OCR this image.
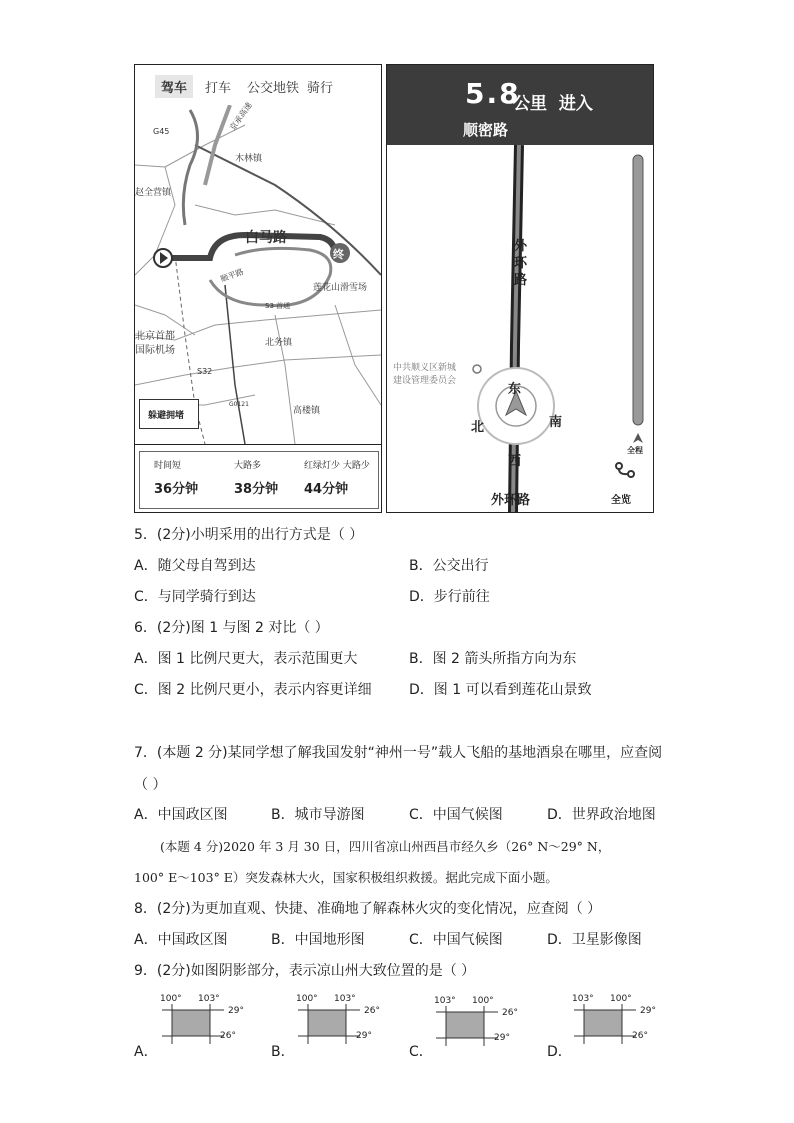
驾车	打车 公交地铁 骑行
G45	京承高速
木林镇
赵全营镇
白马路
终
顺平路
莲花山滑雪场
S3 首通
北京首都
国际机场
北务镇
S32
G0121
高楼镇
躲避拥堵
时间短
36分钟
大路多
38分钟
红绿灯少 大路少
44分钟
5.8
公里  进入
顺密路
外
环
路
中共顺义区新城
建设管理委员会
东
北	南
西
外环路
全程
全览
5．(2分)小明采用的出行方式是（ ）
A．随父母自驾到达	B．公交出行
C．与同学骑行到达	D．步行前往
6．(2分)图 1 与图 2 对比（ ）
A．图 1 比例尺更大，表示范围更大	B．图 2 箭头所指方向为东
C．图 2 比例尺更小，表示内容更详细	D．图 1 可以看到莲花山景致
7．(本题 2 分)某同学想了解我国发射“神州一号”载人飞船的基地酒泉在哪里，应查阅
（ ）
A．中国政区图	B．城市导游图	C．中国气候图	D．世界政治地图
(本题 4 分)2020 年 3 月 30 日，四川省凉山州西昌市经久乡（26° N～29° N，
100° E～103° E）突发森林大火，国家积极组织救援。据此完成下面小题。
8．(2分)为更加直观、快捷、准确地了解森林火灾的变化情况，应查阅（ ）
A．中国政区图	B．中国地形图	C．中国气候图	D．卫星影像图
9．(2分)如图阴影部分，表示凉山州大致位置的是（ ）
A．	B．	C．	D．
100° 103°
29°
26°
100° 103°
26°
29°
103° 100°
26°
29°
103° 100°
29°
26°
